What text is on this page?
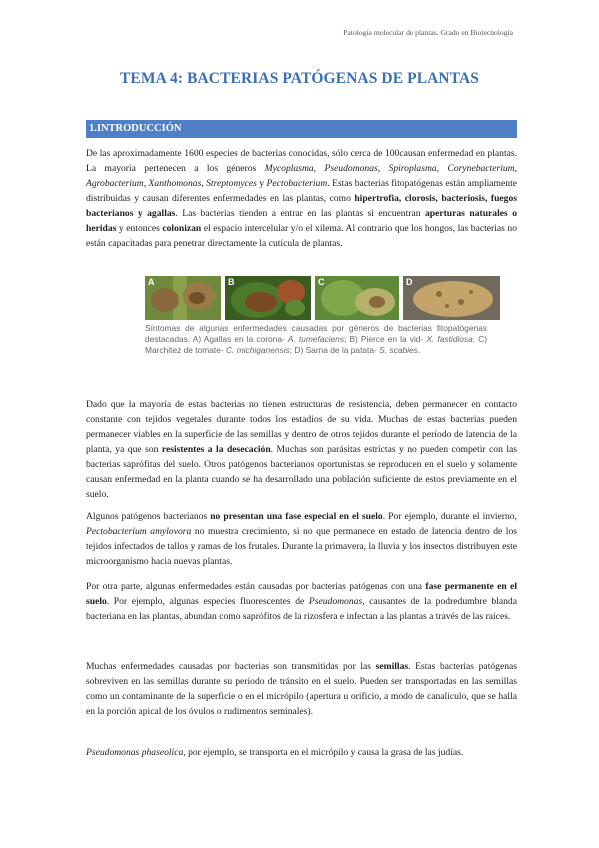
Patología molecular de plantas. Grado en Biotecnología
TEMA 4: BACTERIAS PATÓGENAS DE PLANTAS
1.INTRODUCCIÓN

De las aproximadamente 1600 especies de bacterias conocidas, sólo cerca de 100causan enfermedad en plantas. La mayoría pertenecen a los géneros Mycoplasma, Pseudomonas, Spiroplasma, Corynebacterium, Agrobacterium, Xanthomonas, Streptomyces y Pectobacterium. Estas bacterias fitopatógenas están ampliamente distribuidas y causan diferentes enfermedades en las plantas, como hipertrofia, clorosis, bacteriosis, fuegos bacterianos y agallas. Las bacterias tienden a entrar en las plantas si encuentran aperturas naturales o heridas y entonces colonizan el espacio intercelular y/o el xilema. Al contrario que los hongos, las bacterias no están capacitadas para penetrar directamente la cutícula de plantas.

A	B	C	D

Síntomas de algunas enfermedades causadas por géneros de bacterias fitopatógenas destacadas. A) Agallas en la corona- A. tumefaciens; B) Pierce en la vid- X. fastidiosa; C) Marchitez de tomate- C. michiganensis; D) Sarna de la patata- S. scabies.

Dado que la mayoría de estas bacterias no tienen estructuras de resistencia, deben permanecer en contacto constante con tejidos vegetales durante todos los estadios de su vida. Muchas de estas bacterias pueden permanecer viables en la superficie de las semillas y dentro de otros tejidos durante el período de latencia de la planta, ya que son resistentes a la desecación. Muchas son parásitas estrictas y no pueden competir con las bacterias saprófitas del suelo. Otros patógenos bacterianos oportunistas se reproducen en el suelo y solamente causan enfermedad en la planta cuando se ha desarrollado una población suficiente de estos previamente en el suelo.

Algunos patógenos bacterianos no presentan una fase especial en el suelo. Por ejemplo, durante el invierno, Pectobacterium amylovora no muestra crecimiento, si no que permanece en estado de latencia dentro de los tejidos infectados de tallos y ramas de los frutales. Durante la primavera, la lluvia y los insectos distribuyen este microorganismo hacia nuevas plantas.

Por otra parte, algunas enfermedades están causadas por bacterias patógenas con una fase permanente en el suelo. Por ejemplo, algunas especies fluorescentes de Pseudomonas, causantes de la podredumbre blanda bacteriana en las plantas, abundan como saprófitos de la rizosfera e infectan a las plantas a través de las raíces.

Muchas enfermedades causadas por bacterias son transmitidas por las semillas. Estas bacterias patógenas sobreviven en las semillas durante su período de tránsito en el suelo. Pueden ser transportadas en las semillas como un contaminante de la superficie o en el micrópilo (apertura u orificio, a modo de canalículo, que se halla en la porción apical de los óvulos o rudimentos seminales).

Pseudomonas phaseolica, por ejemplo, se transporta en el micrópilo y causa la grasa de las judías.
